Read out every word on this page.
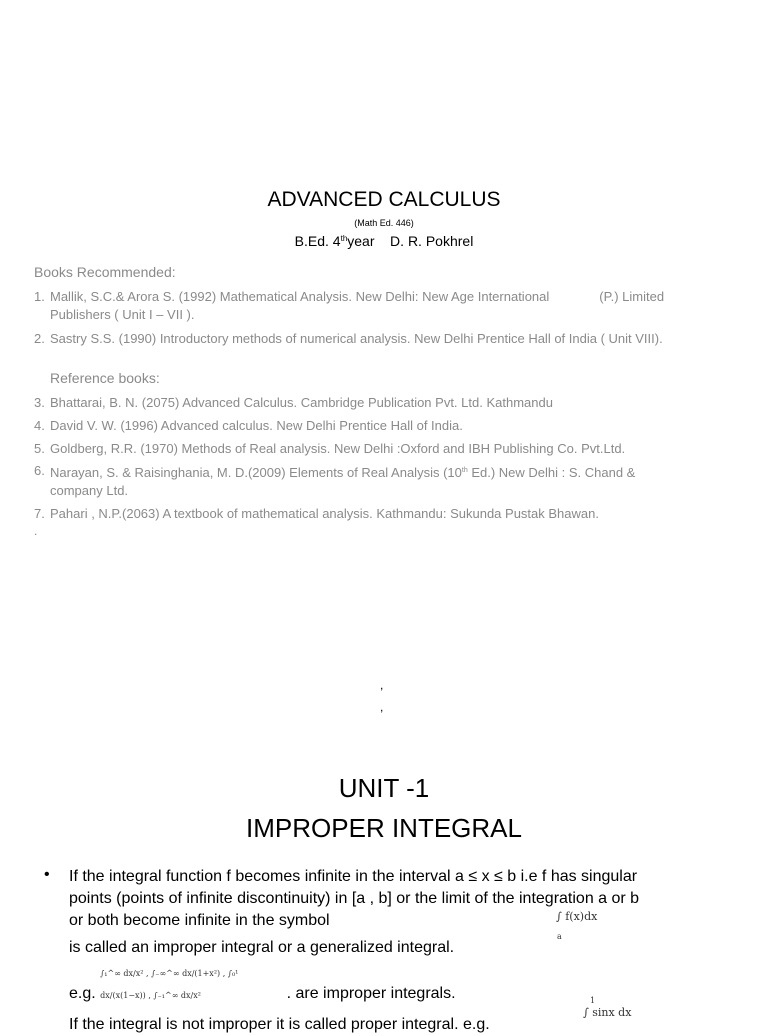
ADVANCED CALCULUS
(Math Ed. 446)
B.Ed. 4thyear    D. R. Pokhrel
Books Recommended:
1. Mallik, S.C.& Arora S. (1992) Mathematical Analysis. New Delhi: New Age International	(P.) Limited
Publishers ( Unit I – VII ).
2. Sastry S.S. (1990) Introductory methods of numerical analysis. New Delhi Prentice Hall of India ( Unit VIII).
Reference books:
3. Bhattarai, B. N. (2075) Advanced Calculus. Cambridge Publication Pvt. Ltd. Kathmandu
4. David V. W. (1996) Advanced calculus. New Delhi Prentice Hall of India.
5. Goldberg, R.R. (1970) Methods of Real analysis. New Delhi :Oxford and IBH Publishing Co. Pvt.Ltd.
6. Narayan, S. & Raisinghania, M. D.(2009) Elements of Real Analysis (10th Ed.) New Delhi : S. Chand &
company Ltd.
7. Pahari , N.P.(2063) A textbook of mathematical analysis. Kathmandu: Sukunda Pustak Bhawan.
.
,
,
UNIT -1
IMPROPER INTEGRAL
• If the integral function f becomes infinite in the interval a ≤ x ≤ b i.e f has singular
points (points of infinite discontinuity) in [a , b] or the limit of the integration a or b
or both become infinite in the symbol	∫ f(x)dx
a
is called an improper integral or a generalized integral.
e.g. ∫₁^∞ dx/x² , ∫₋∞^∞ dx/(1+x²) , ∫₀¹ dx/(x(1−x)) , ∫₋₁^∞ dx/x²	. are improper integrals.	1
∫ sinx dx
If the integral is not improper it is called proper integral. e.g.
